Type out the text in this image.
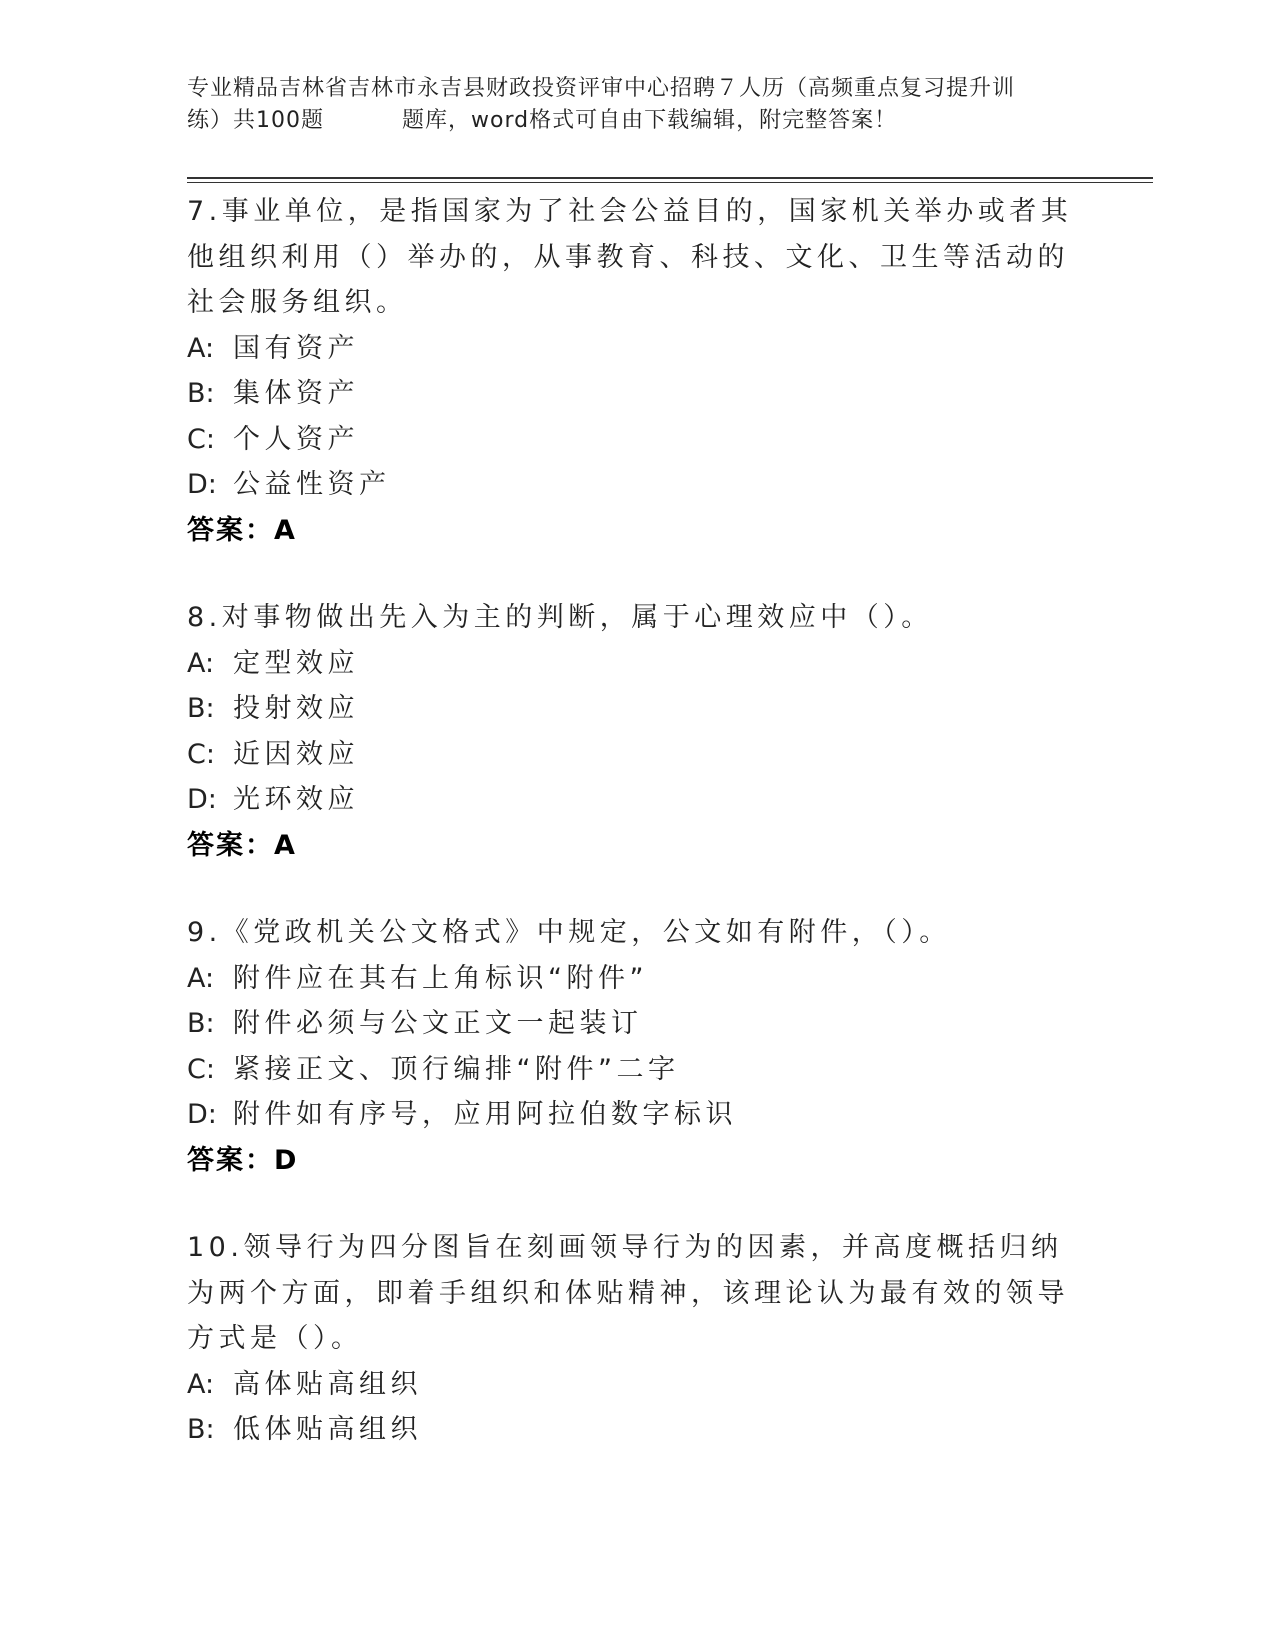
专业精品吉林省吉林市永吉县财政投资评审中心招聘７人历（高频重点复习提升训
练）共100题	题库，word格式可自由下载编辑，附完整答案！
7.事业单位，是指国家为了社会公益目的，国家机关举办或者其他组织利用（）举办的，从事教育、科技、文化、卫生等活动的社会服务组织。
A: 国有资产
B: 集体资产
C: 个人资产
D: 公益性资产
答案：A
8.对事物做出先入为主的判断，属于心理效应中（）。
A: 定型效应
B: 投射效应
C: 近因效应
D: 光环效应
答案：A
9.《党政机关公文格式》中规定，公文如有附件，（）。
A: 附件应在其右上角标识“附件”
B: 附件必须与公文正文一起装订
C: 紧接正文、顶行编排“附件”二字
D: 附件如有序号，应用阿拉伯数字标识
答案：D
10.领导行为四分图旨在刻画领导行为的因素，并高度概括归纳为两个方面，即着手组织和体贴精神，该理论认为最有效的领导方式是（）。
A: 高体贴高组织
B: 低体贴高组织
